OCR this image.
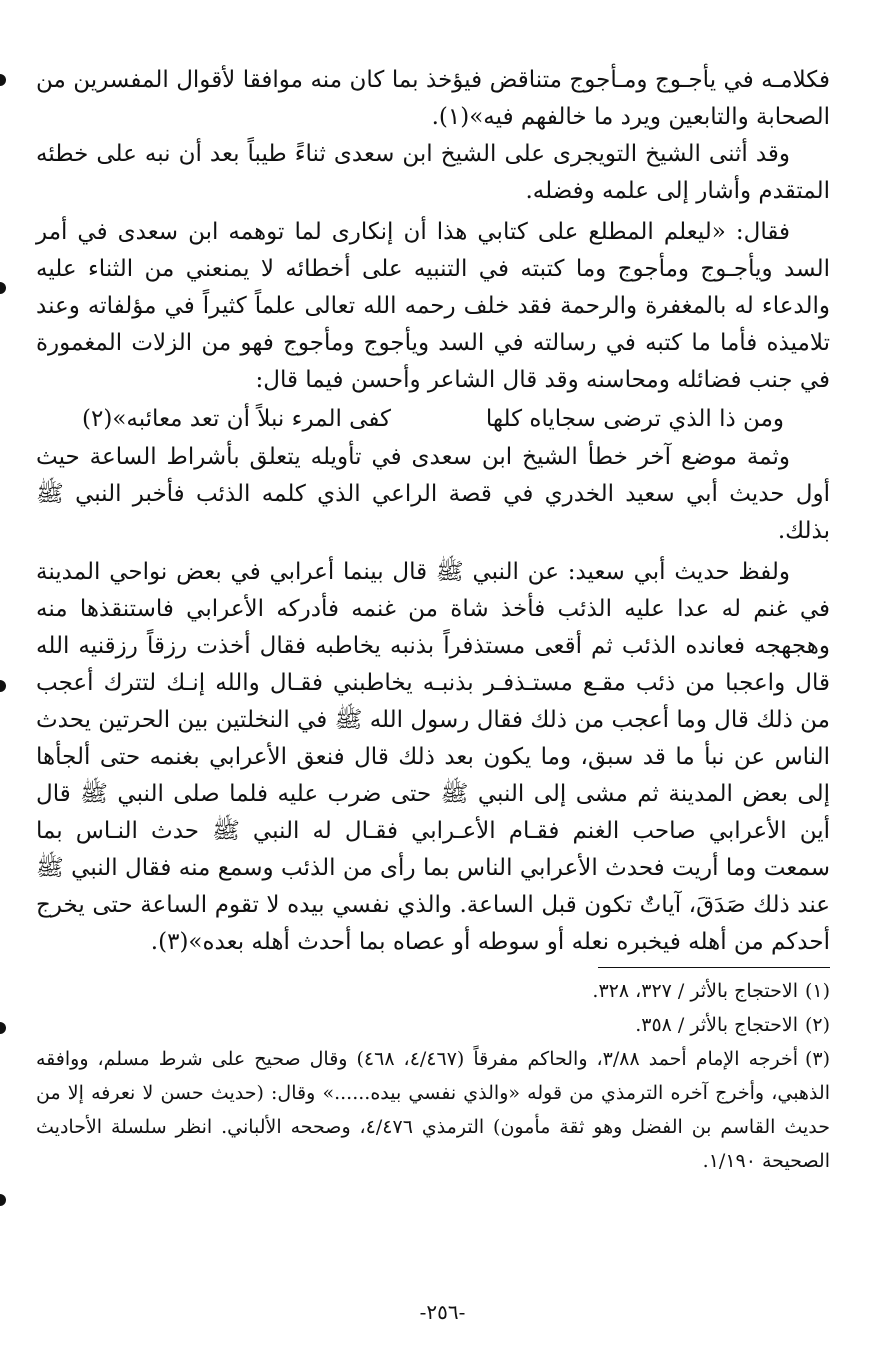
فكلامـه في يأجـوج ومـأجوج متناقض فيؤخذ بما كان منه موافقا لأقوال المفسرين من الصحابة والتابعين ويرد ما خالفهم فيه»(١).

وقد أثنى الشيخ التويجرى على الشيخ ابن سعدى ثناءً طيباً بعد أن نبه على خطئه المتقدم وأشار إلى علمه وفضله.

فقال: «ليعلم المطلع على كتابي هذا أن إنكارى لما توهمه ابن سعدى في أمر السد ويأجـوج ومأجوج وما كتبته في التنبيه على أخطائه لا يمنعني من الثناء عليه والدعاء له بالمغفرة والرحمة فقد خلف رحمه الله تعالى علماً كثيراً في مؤلفاته وعند تلاميذه فأما ما كتبه في رسالته في السد ويأجوج ومأجوج فهو من الزلات المغمورة في جنب فضائله ومحاسنه وقد قال الشاعر وأحسن فيما قال:

ومن ذا الذي ترضى سجاياه كلها
كفى المرء نبلاً أن تعد معائبه»(٢)

وثمة موضع آخر خطأ الشيخ ابن سعدى في تأويله يتعلق بأشراط الساعة حيث أول حديث أبي سعيد الخدري في قصة الراعي الذي كلمه الذئب فأخبر النبي ﷺ بذلك.

ولفظ حديث أبي سعيد: عن النبي ﷺ قال بينما أعرابي في بعض نواحي المدينة في غنم له عدا عليه الذئب فأخذ شاة من غنمه فأدركه الأعرابي فاستنقذها منه وهجهجه فعانده الذئب ثم أقعى مستذفراً بذنبه يخاطبه فقال أخذت رزقاً رزقنيه الله قال واعجبا من ذئب مقـع مستـذفـر بذنبـه يخاطبني فقـال والله إنـك لتترك أعجب من ذلك قال وما أعجب من ذلك فقال رسول الله ﷺ في النخلتين بين الحرتين يحدث الناس عن نبأ ما قد سبق، وما يكون بعد ذلك قال فنعق الأعرابي بغنمه حتى ألجأها إلى بعض المدينة ثم مشى إلى النبي ﷺ حتى ضرب عليه فلما صلى النبي ﷺ قال أين الأعرابي صاحب الغنم فقـام الأعـرابي فقـال له النبي ﷺ حدث النـاس بما سمعت وما أريت فحدث الأعرابي الناس بما رأى من الذئب وسمع منه فقال النبي ﷺ عند ذلك صَدَقَ، آياتٌ تكون قبل الساعة. والذي نفسي بيده لا تقوم الساعة حتى يخرج أحدكم من أهله فيخبره نعله أو سوطه أو عصاه بما أحدث أهله بعده»(٣).

(١)الاحتجاج بالأثر / ٣٢٧، ٣٢٨.

(٢)الاحتجاج بالأثر / ٣٥٨.

(٣)أخرجه الإمام أحمد ٣/٨٨، والحاكم مفرقاً (٤/٤٦٧، ٤٦٨) وقال صحيح على شرط مسلم، ووافقه الذهبي، وأخرج آخره الترمذي من قوله «والذي نفسي بيده......» وقال: (حديث حسن لا نعرفه إلا من حديث القاسم بن الفضل وهو ثقة مأمون) الترمذي ٤/٤٧٦، وصححه الألباني. انظر سلسلة الأحاديث الصحيحة ١/١٩٠.

-٢٥٦-
